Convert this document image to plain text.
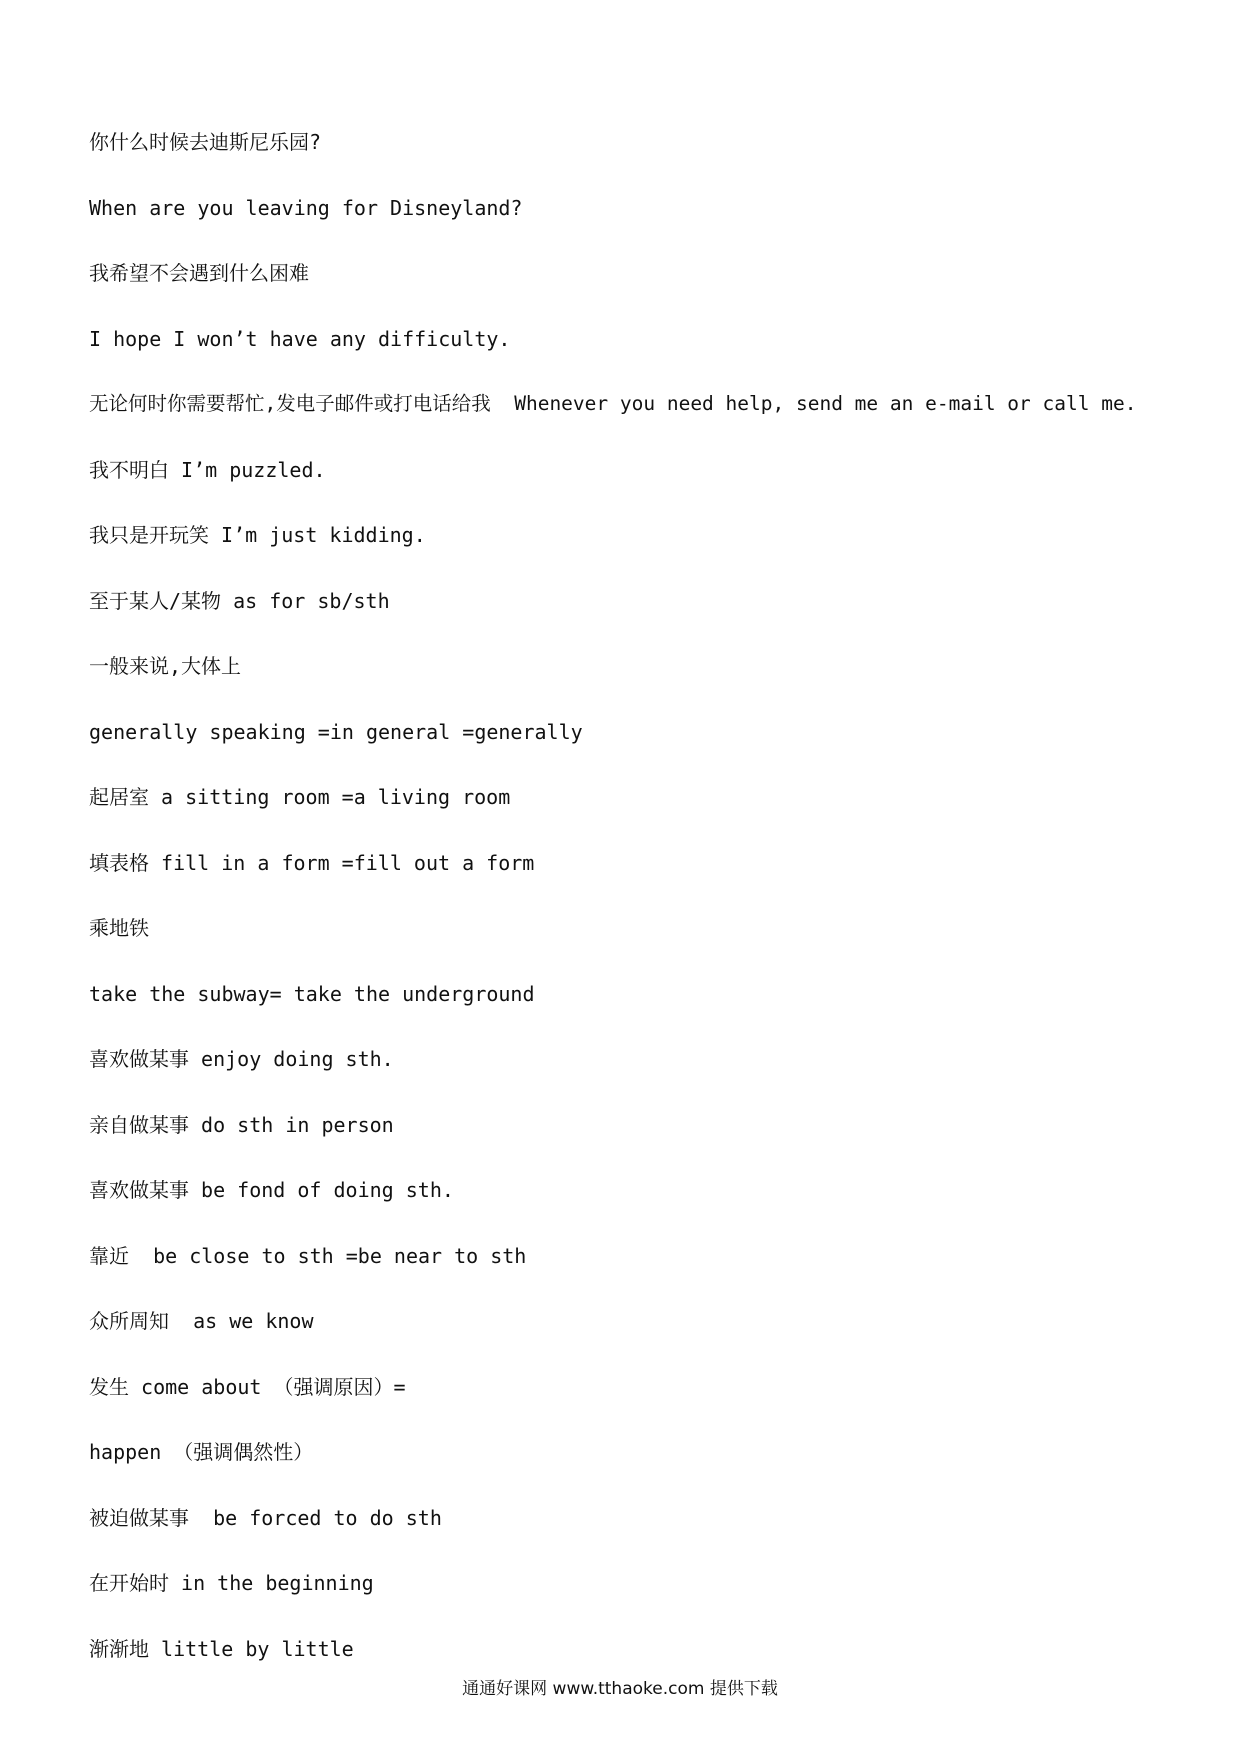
你什么时候去迪斯尼乐园?
When are you leaving for Disneyland?
我希望不会遇到什么困难
I hope I won’t have any difficulty.
无论何时你需要帮忙,发电子邮件或打电话给我  Whenever you need help, send me an e-mail or call me.
我不明白 I’m puzzled.
我只是开玩笑 I’m just kidding.
至于某人/某物 as for sb/sth
一般来说,大体上
generally speaking =in general =generally
起居室 a sitting room =a living room
填表格 fill in a form =fill out a form
乘地铁
take the subway= take the underground
喜欢做某事 enjoy doing sth.
亲自做某事 do sth in person
喜欢做某事 be fond of doing sth.
靠近  be close to sth =be near to sth
众所周知  as we know
发生 come about （强调原因）=
happen （强调偶然性）
被迫做某事  be forced to do sth
在开始时 in the beginning
渐渐地 little by little
通通好课网 www.tthaoke.com 提供下载
